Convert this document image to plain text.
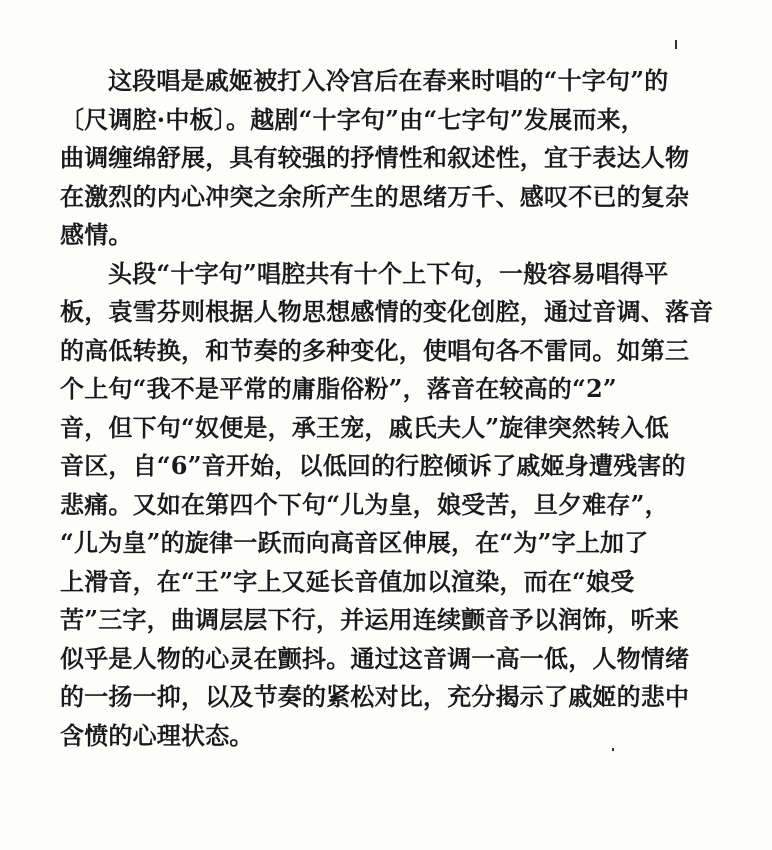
这段唱是戚姬被打入冷宫后在春来时唱的“十字句”的
〔尺调腔·中板〕。越剧“十字句”由“七字句”发展而来，
曲调缠绵舒展，具有较强的抒情性和叙述性，宜于表达人物
在激烈的内心冲突之余所产生的思绪万千、感叹不已的复杂
感情。
头段“十字句”唱腔共有十个上下句，一般容易唱得平
板，袁雪芬则根据人物思想感情的变化创腔，通过音调、落音
的高低转换，和节奏的多种变化，使唱句各不雷同。如第三
个上句“我不是平常的庸脂俗粉”，落音在较高的“2”
音，但下句“奴便是，承王宠，戚氏夫人”旋律突然转入低
音区，自“6”音开始，以低回的行腔倾诉了戚姬身遭残害的
悲痛。又如在第四个下句“儿为皇，娘受苦，旦夕难存”，
“儿为皇”的旋律一跃而向高音区伸展，在“为”字上加了
上滑音，在“王”字上又延长音值加以渲染，而在“娘受
苦”三字，曲调层层下行，并运用连续颤音予以润饰，听来
似乎是人物的心灵在颤抖。通过这音调一高一低，人物情绪
的一扬一抑，以及节奏的紧松对比，充分揭示了戚姬的悲中
含愤的心理状态。
